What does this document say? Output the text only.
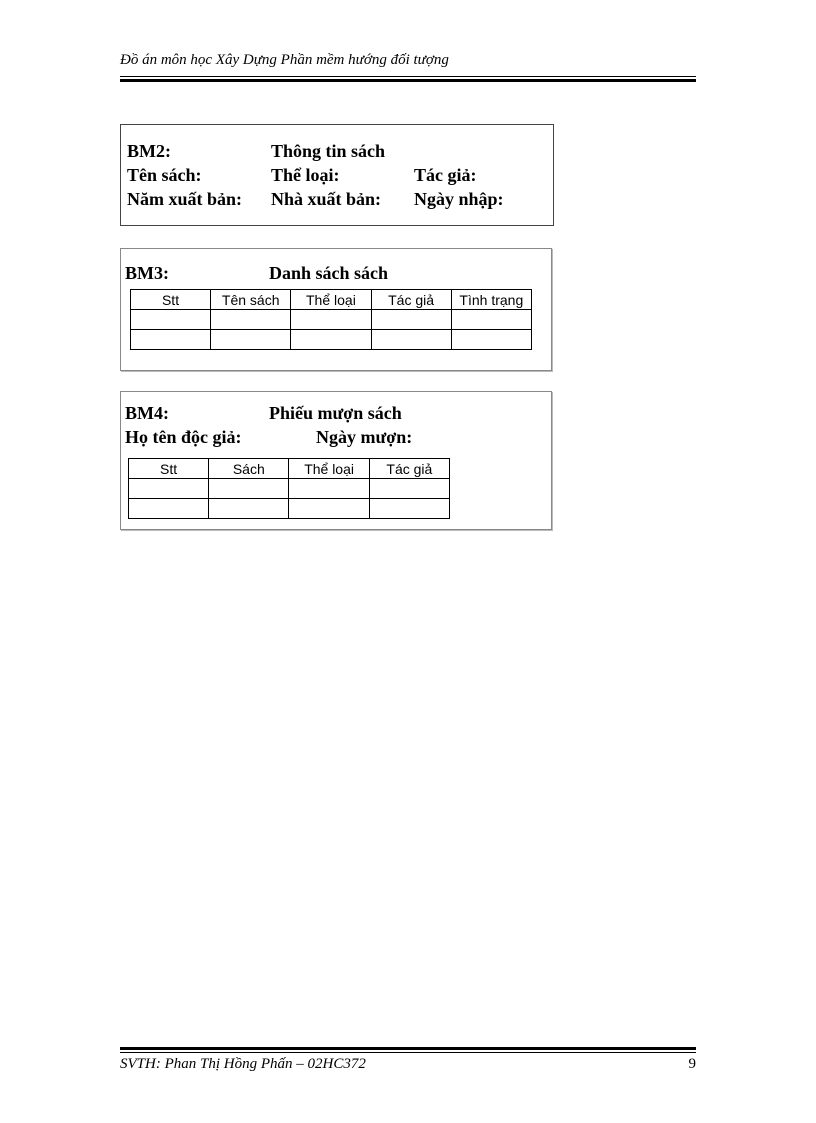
Đồ án môn học Xây Dựng Phần mềm hướng đối tượng
BM2:	Thông tin sách
Tên sách:	Thể loại:	Tác giả:
Năm xuất bản: Nhà xuất bản: Ngày nhập:
BM3:	Danh sách sách
Stt	Tên sách	Thể loại	Tác giả	Tình trạng

BM4:	Phiếu mượn sách
Họ tên độc giả:	Ngày mượn:
Stt	Sách	Thể loại	Tác giả

SVTH: Phan Thị Hồng Phấn – 02HC372	9
